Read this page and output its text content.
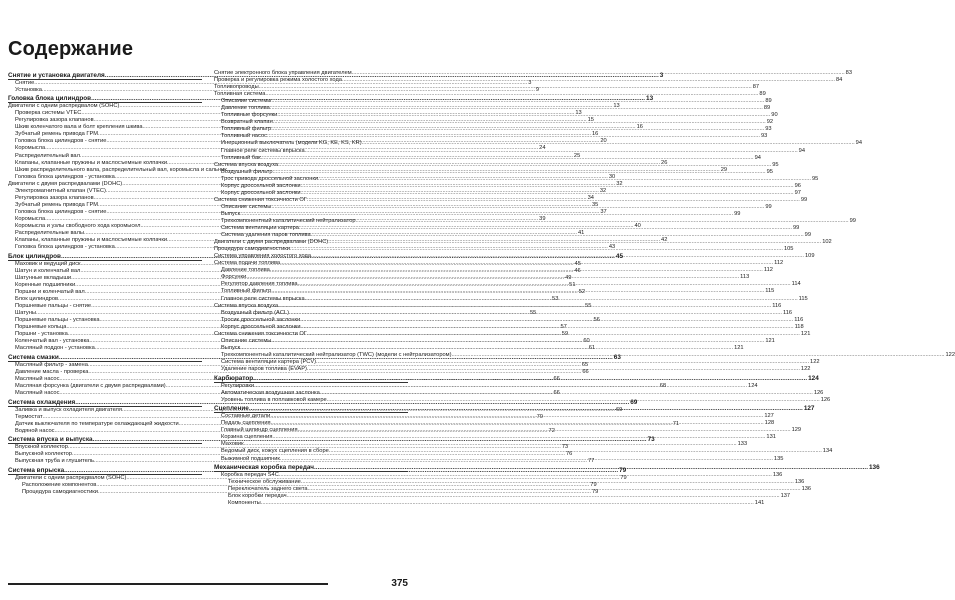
Содержание
Снятие и установка двигателя .....	3
Снятие .....	3
Установка .....	9
Головка блока цилиндров .....	13
Двигатели с одним распредвалом (SOHC) .....	13
Проверка системы VTEC .....	13
Регулировка зазора клапанов .....	15
Шкив коленчатого вала и болт крепления шкива .....	16
Зубчатый ремень привода ГРМ .....	16
Головка блока цилиндров - снятие .....	20
Коромысла .....	24
Распределительный вал .....	25
Клапаны, клапанные пружины и маслосъемные колпачки .....	26
Шкив распределительного вала, распределительный вал, коромысла и сальник .....	29
Головка блока цилиндров - установка .....	30
Двигатели с двумя распредвалами (DOHC) .....	32
Электромагнитный клапан (VTEC) .....	32
Регулировка зазора клапанов .....	34
Зубчатый ремень привода ГРМ .....	35
Головка блока цилиндров - снятие .....	37
Коромысла .....	39
Коромысла и узлы свободного хода коромысел .....	40
Распределительные валы .....	41
Клапаны, клапанные пружины и маслосъемные колпачки .....	42
Головка блока цилиндров - установка .....	43
Блок цилиндров .....	45
Маховик и ведущий диск .....	45
Шатун и коленчатый вал .....	46
Шатунные вкладыши .....	49
Коренные подшипники .....	51
Поршни и коленчатый вал .....	52
Блок цилиндров .....	53
Поршневые пальцы - снятие .....	55
Шатуны .....	55
Поршневые пальцы - установка .....	56
Поршневые кольца .....	57
Поршни - установка .....	59
Коленчатый вал - установка .....	60
Масляный поддон - установка .....	61
Система смазки .....	63
Масляный фильтр - замена .....	65
Давление масла - проверка .....	66
Масляный насос .....	66
Масляная форсунка (двигатели с двумя распредвалами) .....	68
Масляный насос .....	66
Система охлаждения .....	69
Заливка и выпуск охладителя двигателя .....	69
Термостат .....	70
Датчик выключателя по температуре охлаждающей жидкости .....	71
Водяной насос .....	72
Система впуска и выпуска .....	73
Впускной коллектор .....	73
Выпускной коллектор .....	76
Выпускная труба и глушитель .....	77
Система впрыска .....	79
Двигатели с одним распредвалом (SOHC) .....	79
Расположение компонентов .....	79
Процедура самодиагностики .....	79
Снятие электронного блока управления двигателем .....	83
Проверка и регулировка режима холостого хода .....	84
Топливопроводы .....	87
Топливная система .....	89
Описание системы .....	89
Давление топлива .....	89
Топливные форсунки .....	90
Возвратный клапан .....	92
Топливный фильтр .....	93
Топливный насос .....	93
Инерционный выключатель (модели KG, KE, KS, KR) .....	94
Главное реле системы впрыска .....	94
Топливный бак .....	94
Система впуска воздуха .....	95
Воздушный фильтр .....	95
Трос привода дроссельной заслонки .....	95
Корпус дроссельной заслонки .....	96
Корпус дроссельной заслонки .....	97
Система снижения токсичности ОГ .....	99
Описание системы .....	99
Выпуск .....	99
Трехкомпонентный каталитический нейтрализатор .....	99
Система вентиляции картера .....	99
Система удаления паров топлива .....	99
Двигатели с двумя распредвалами (DOHC) .....	102
Процедура самодиагностики .....	105
Система управления холостого хода .....	109
Система подачи топлива .....	112
Давление топлива .....	112
Форсунки .....	113
Регулятор давления топлива .....	114
Топливный фильтр .....	115
Главное реле системы впрыска .....	115
Система впуска воздуха .....	116
Воздушный фильтр (ACL) .....	116
Тросик дроссельной заслонки .....	116
Корпус дроссельной заслонки .....	118
Система снижения токсичности ОГ .....	121
Описание системы .....	121
Выпуск .....	121
Трехкомпонентный каталитический нейтрализатор (TWC) (модели с нейтрализатором) .....	122
Система вентиляции картера (PCV) .....	122
Удаление паров топлива (EVAP) .....	122
Карбюратор .....	124
Регулировки .....	124
Автоматическая воздушная заслонка .....	126
Уровень топлива в поплавковой камере .....	126
Сцепление .....	127
Составные детали .....	127
Педаль сцепления .....	128
Главный цилиндр сцепления .....	129
Корзина сцепления .....	131
Маховик .....	133
Ведомый диск, кожух сцепления в сборе .....	134
Выжимной подшипник .....	135
Механическая коробка передач .....	136
Коробка передач S4C .....	136
Техническое обслуживание .....	136
Переключатель заднего света .....	136
Блок коробки передач .....	137
Компоненты .....	141
375
